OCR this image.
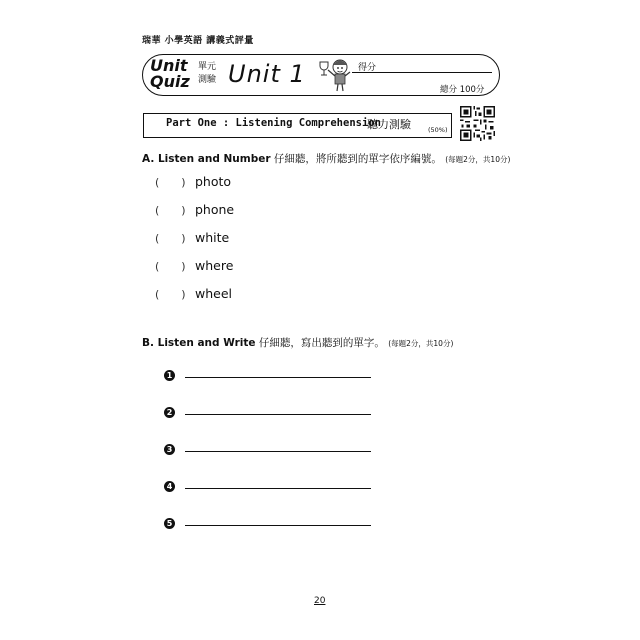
瑞華 小學英語 講義式評量
Unit
Quiz
單元
測驗 Unit 1	得分
總分 100分
Part One : Listening Comprehension
聽力測驗	(50%)
A. Listen and Number 仔細聽，將所聽到的單字依序編號。 (每題2分，共10分)
(　　) photo
(　　) phone
(　　) white
(　　) where
(　　) wheel
B. Listen and Write 仔細聽，寫出聽到的單字。 (每題2分，共10分)
1
2
3
4
5
20
